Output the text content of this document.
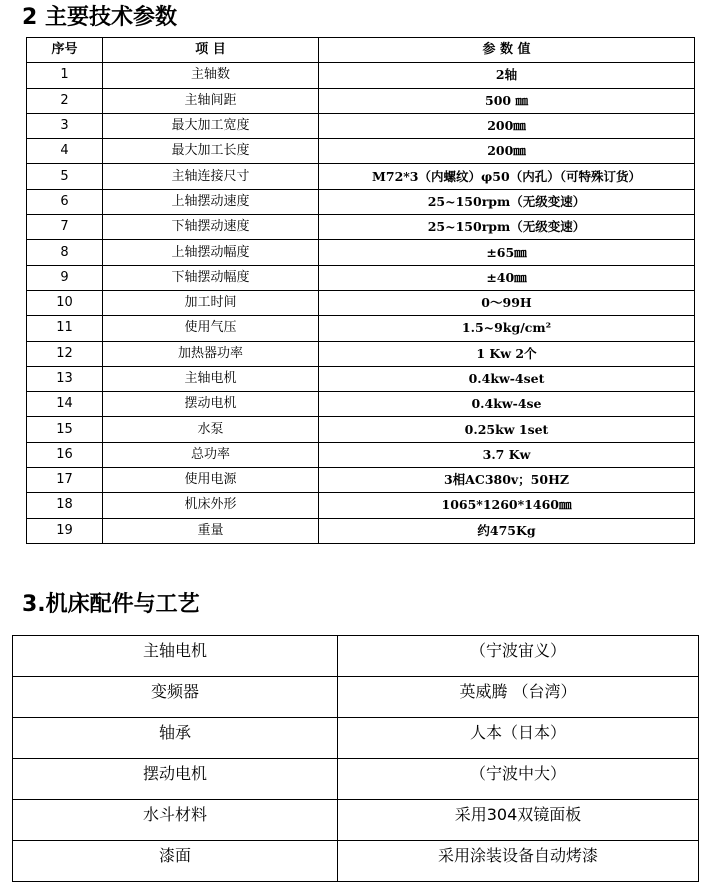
2 主要技术参数
序号	项 目	参 数 值
1	主轴数	2轴
2	主轴间距	500 ㎜
3	最大加工宽度	200㎜
4	最大加工长度	200㎜
5	主轴连接尺寸	M72*3（内螺纹）φ50（内孔）（可特殊订货）
6	上轴摆动速度	25~150rpm（无级变速）
7	下轴摆动速度	25~150rpm（无级变速）
8	上轴摆动幅度	±65㎜
9	下轴摆动幅度	±40㎜
10	加工时间	0～99H
11	使用气压	1.5~9kg/cm²
12	加热器功率	1 Kw 2个
13	主轴电机	0.4kw-4set
14	摆动电机	0.4kw-4se
15	水泵	0.25kw 1set
16	总功率	3.7 Kw
17	使用电源	3相AC380v；50HZ
18	机床外形	1065*1260*1460㎜
19	重量	约475Kg
3.机床配件与工艺
主轴电机	（宁波宙义）
变频器	英威腾 （台湾）
轴承	人本（日本）
摆动电机	（宁波中大）
水斗材料	采用304双镜面板
漆面	采用涂装设备自动烤漆
